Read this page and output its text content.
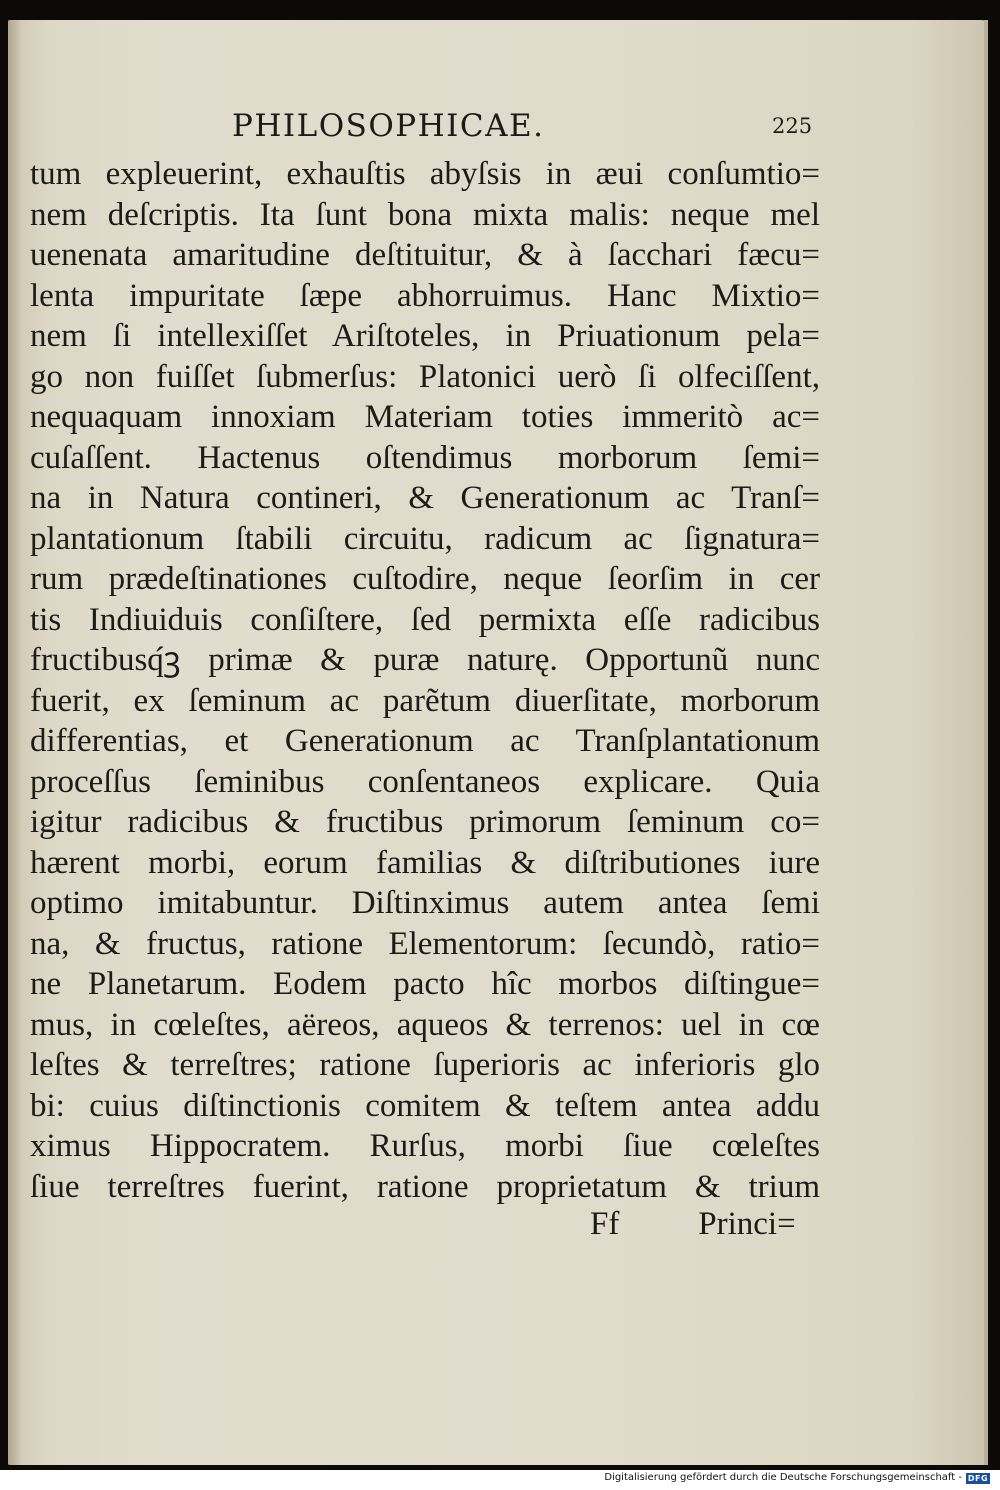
PHILOSOPHICAE.	225
tum expleuerint, exhauſtis abyſsis in æui conſumtio=
nem deſcriptis. Ita ſunt bona mixta malis: neque mel
uenenata amaritudine deſtituitur, & à ſacchari fæcu=
lenta impuritate ſæpe abhorruimus. Hanc Mixtio=
nem ſi intellexiſſet Ariſtoteles, in Priuationum pela=
go non fuiſſet ſubmerſus: Platonici uerò ſi olfeciſſent,
nequaquam innoxiam Materiam toties immeritò ac=
cuſaſſent. Hactenus oſtendimus morborum ſemi=
na in Natura contineri, & Generationum ac Tranſ=
plantationum ſtabili circuitu, radicum ac ſignatura=
rum prædeſtinationes cuſtodire, neque ſeorſim in cer
tis Indiuiduis conſiſtere, ſed permixta eſſe radicibus
fructibusq́ꝫ primæ & puræ naturę. Opportunũ nunc
fuerit, ex ſeminum ac parẽtum diuerſitate, morborum
differentias, et Generationum ac Tranſplantationum
proceſſus ſeminibus conſentaneos explicare. Quia
igitur radicibus & fructibus primorum ſeminum co=
hærent morbi, eorum familias & diſtributiones iure
optimo imitabuntur. Diſtinximus autem antea ſemi
na, & fructus, ratione Elementorum: ſecundò, ratio=
ne Planetarum. Eodem pacto hîc morbos diſtingue=
mus, in cœleſtes, aëreos, aqueos & terrenos: uel in cœ
leſtes & terreſtres; ratione ſuperioris ac inferioris glo
bi: cuius diſtinctionis comitem & teſtem antea addu
ximus Hippocratem. Rurſus, morbi ſiue cœleſtes
ſiue terreſtres fuerint, ratione proprietatum & trium
Ff Princi=
Digitalisierung gefördert durch die Deutsche Forschungsgemeinschaft - DFG
